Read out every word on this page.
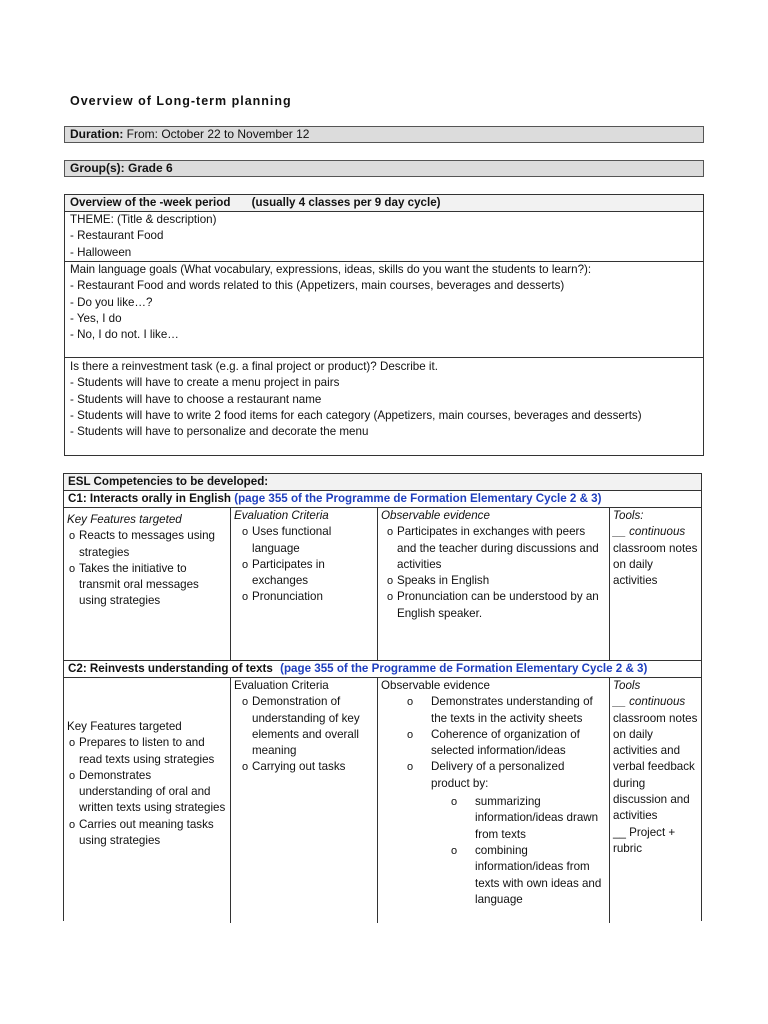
Overview of Long-term planning
Duration: From: October 22 to November 12
Group(s): Grade 6
Overview of the -week period (usually 4 classes per 9 day cycle)
THEME: (Title & description)
- Restaurant Food
- Halloween
Main language goals (What vocabulary, expressions, ideas, skills do you want the students to learn?):
- Restaurant Food and words related to this (Appetizers, main courses, beverages and desserts)
- Do you like…?
- Yes, I do
- No, I do not. I like…
Is there a reinvestment task (e.g. a final project or product)? Describe it.
- Students will have to create a menu project in pairs
- Students will have to choose a restaurant name
- Students will have to write 2 food items for each category (Appetizers, main courses, beverages and desserts)
- Students will have to personalize and decorate the menu
ESL Competencies to be developed:
C1: Interacts orally in English (page 355 of the Programme de Formation Elementary Cycle 2 & 3)
Key Features targeted
o Reacts to messages using strategies
o Takes the initiative to transmit oral messages using strategies
Evaluation Criteria
o Uses functional language
o Participates in exchanges
o Pronunciation
Observable evidence
o Participates in exchanges with peers and the teacher during discussions and activities
o Speaks in English
o Pronunciation can be understood by an English speaker.
Tools:
__ continuous
classroom notes on daily activities
C2: Reinvests understanding of texts (page 355 of the Programme de Formation Elementary Cycle 2 & 3)
Key Features targeted
o Prepares to listen to and read texts using strategies
o Demonstrates understanding of oral and written texts using strategies
o Carries out meaning tasks using strategies
Evaluation Criteria
o Demonstration of understanding of key elements and overall meaning
o Carrying out tasks
Observable evidence
o Demonstrates understanding of the texts in the activity sheets
o Coherence of organization of selected information/ideas
o Delivery of a personalized product by:
o summarizing information/ideas drawn from texts
o combining information/ideas from texts with own ideas and language
Tools
__ continuous
classroom notes on daily activities and verbal feedback during discussion and activities
__ Project + rubric
